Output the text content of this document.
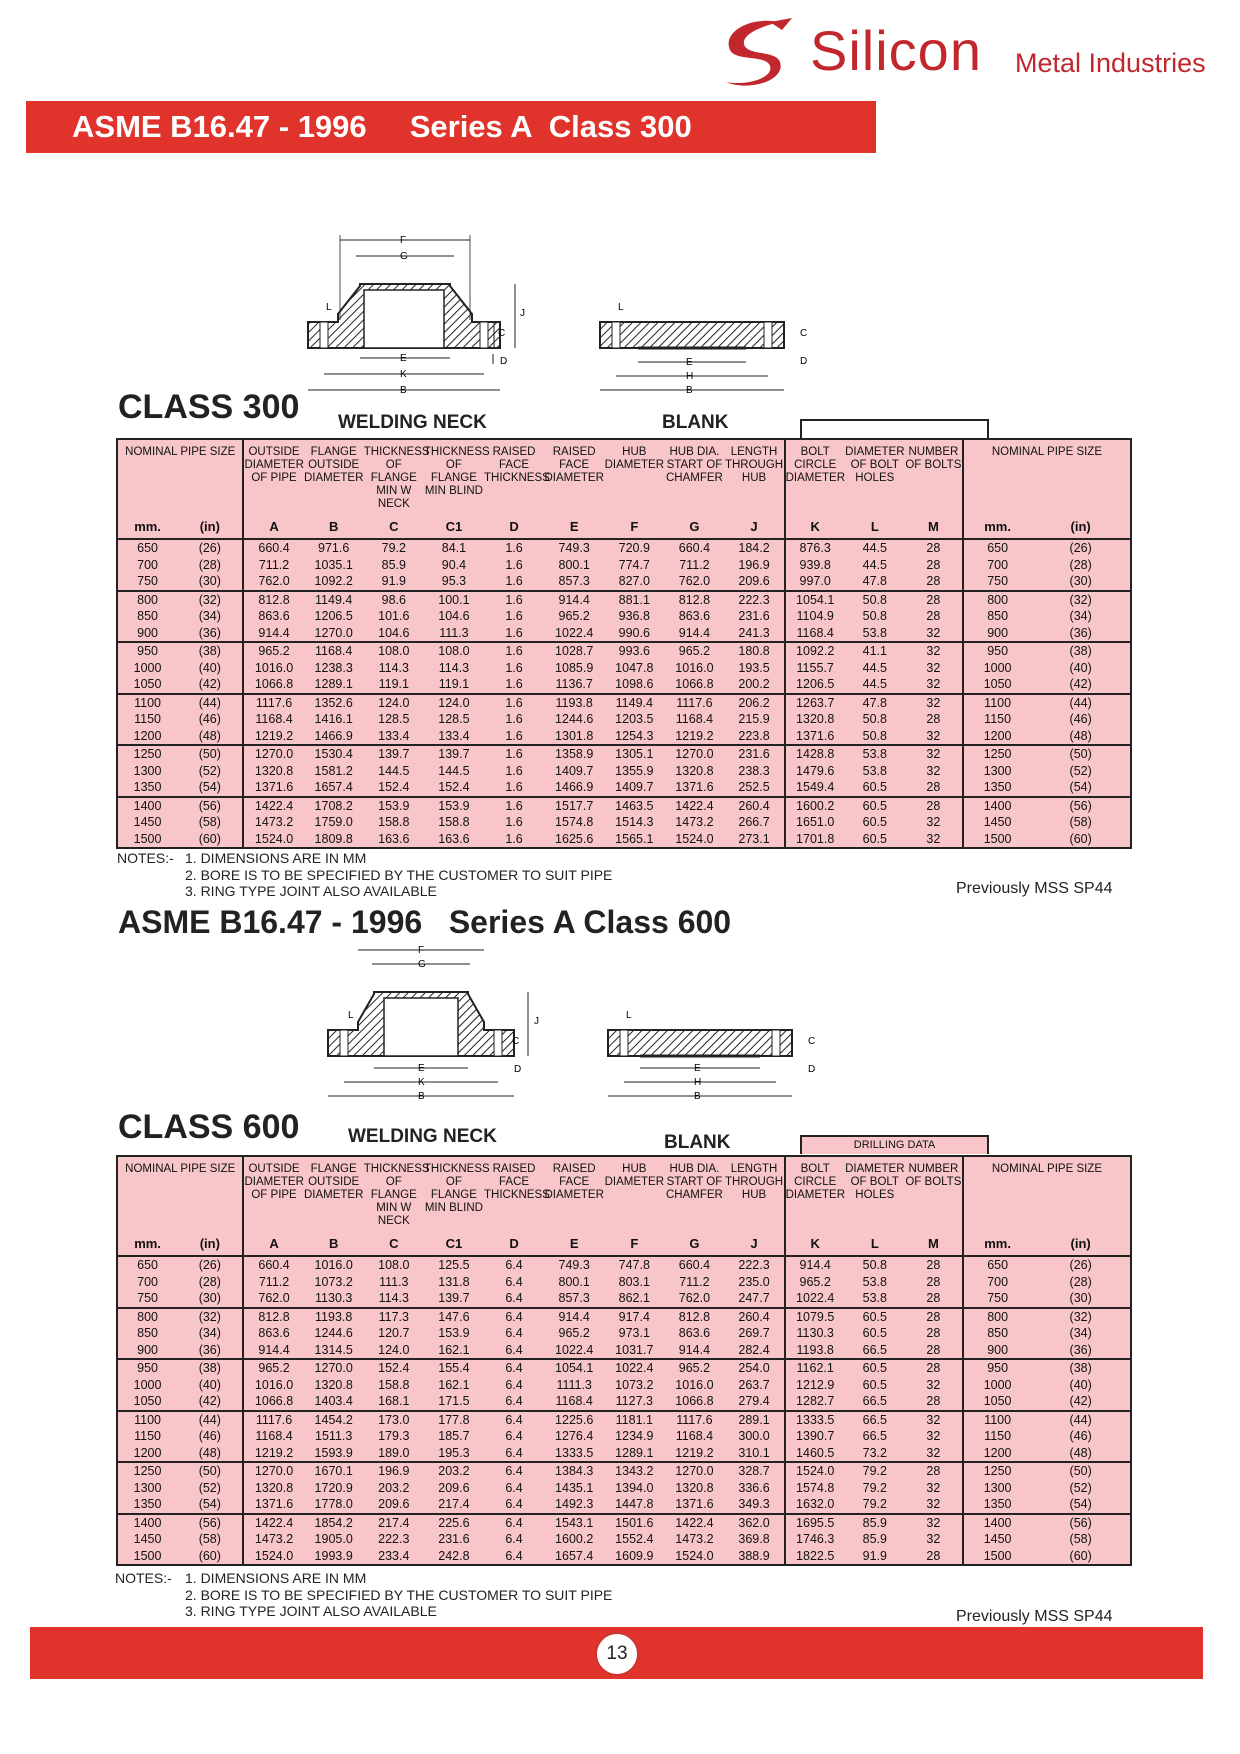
Silicon Metal Industries
ASME B16.47 - 1996     Series A  Class 300
F
G
J
C
D
E
K
B
L
E
H
B
C
D
L
CLASS 300 WELDING NECK	BLANK
NOMINAL PIPE SIZE		OUTSIDE DIAMETER OF PIPE	FLANGE OUTSIDE DIAMETER	THICKNESS OF FLANGE MIN W NECK	THICKNESS OF FLANGE MIN BLIND	RAISED FACE THICKNESS	RAISED FACE DIAMETER	HUB DIAMETER	HUB DIA. START OF CHAMFER	LENGTH THROUGH HUB	BOLT CIRCLE DIAMETER	DIAMETER OF BOLT HOLES	NUMBER OF BOLTS	NOMINAL PIPE SIZE	
mm.	(in)	A	B	C	C1	D	E	F	G	J	K	L	M	mm.	(in)
650	(26)	660.4	971.6	79.2	84.1	1.6	749.3	720.9	660.4	184.2	876.3	44.5	28	650	(26)
700	(28)	711.2	1035.1	85.9	90.4	1.6	800.1	774.7	711.2	196.9	939.8	44.5	28	700	(28)
750	(30)	762.0	1092.2	91.9	95.3	1.6	857.3	827.0	762.0	209.6	997.0	47.8	28	750	(30)
800	(32)	812.8	1149.4	98.6	100.1	1.6	914.4	881.1	812.8	222.3	1054.1	50.8	28	800	(32)
850	(34)	863.6	1206.5	101.6	104.6	1.6	965.2	936.8	863.6	231.6	1104.9	50.8	28	850	(34)
900	(36)	914.4	1270.0	104.6	111.3	1.6	1022.4	990.6	914.4	241.3	1168.4	53.8	32	900	(36)
950	(38)	965.2	1168.4	108.0	108.0	1.6	1028.7	993.6	965.2	180.8	1092.2	41.1	32	950	(38)
1000	(40)	1016.0	1238.3	114.3	114.3	1.6	1085.9	1047.8	1016.0	193.5	1155.7	44.5	32	1000	(40)
1050	(42)	1066.8	1289.1	119.1	119.1	1.6	1136.7	1098.6	1066.8	200.2	1206.5	44.5	32	1050	(42)
1100	(44)	1117.6	1352.6	124.0	124.0	1.6	1193.8	1149.4	1117.6	206.2	1263.7	47.8	32	1100	(44)
1150	(46)	1168.4	1416.1	128.5	128.5	1.6	1244.6	1203.5	1168.4	215.9	1320.8	50.8	28	1150	(46)
1200	(48)	1219.2	1466.9	133.4	133.4	1.6	1301.8	1254.3	1219.2	223.8	1371.6	50.8	32	1200	(48)
1250	(50)	1270.0	1530.4	139.7	139.7	1.6	1358.9	1305.1	1270.0	231.6	1428.8	53.8	32	1250	(50)
1300	(52)	1320.8	1581.2	144.5	144.5	1.6	1409.7	1355.9	1320.8	238.3	1479.6	53.8	32	1300	(52)
1350	(54)	1371.6	1657.4	152.4	152.4	1.6	1466.9	1409.7	1371.6	252.5	1549.4	60.5	28	1350	(54)
1400	(56)	1422.4	1708.2	153.9	153.9	1.6	1517.7	1463.5	1422.4	260.4	1600.2	60.5	28	1400	(56)
1450	(58)	1473.2	1759.0	158.8	158.8	1.6	1574.8	1514.3	1473.2	266.7	1651.0	60.5	32	1450	(58)
1500	(60)	1524.0	1809.8	163.6	163.6	1.6	1625.6	1565.1	1524.0	273.1	1701.8	60.5	32	1500	(60)
NOTES:- 1. DIMENSIONS ARE IN MM
2. BORE IS TO BE SPECIFIED BY THE CUSTOMER TO SUIT PIPE
3. RING TYPE JOINT ALSO AVAILABLE	Previously MSS SP44
ASME B16.47 - 1996   Series A Class 600
F
G
J
C
D
E
K
B
L
E
H
B
C
D
L
CLASS 600	WELDING NECK	BLANK	DRILLING DATA
NOMINAL PIPE SIZE		OUTSIDE DIAMETER OF PIPE	FLANGE OUTSIDE DIAMETER	THICKNESS OF FLANGE MIN W NECK	THICKNESS OF FLANGE MIN BLIND	RAISED FACE THICKNESS	RAISED FACE DIAMETER	HUB DIAMETER	HUB DIA. START OF CHAMFER	LENGTH THROUGH HUB	BOLT CIRCLE DIAMETER	DIAMETER OF BOLT HOLES	NUMBER OF BOLTS	NOMINAL PIPE SIZE	
mm.	(in)	A	B	C	C1	D	E	F	G	J	K	L	M	mm.	(in)
650	(26)	660.4	1016.0	108.0	125.5	6.4	749.3	747.8	660.4	222.3	914.4	50.8	28	650	(26)
700	(28)	711.2	1073.2	111.3	131.8	6.4	800.1	803.1	711.2	235.0	965.2	53.8	28	700	(28)
750	(30)	762.0	1130.3	114.3	139.7	6.4	857.3	862.1	762.0	247.7	1022.4	53.8	28	750	(30)
800	(32)	812.8	1193.8	117.3	147.6	6.4	914.4	917.4	812.8	260.4	1079.5	60.5	28	800	(32)
850	(34)	863.6	1244.6	120.7	153.9	6.4	965.2	973.1	863.6	269.7	1130.3	60.5	28	850	(34)
900	(36)	914.4	1314.5	124.0	162.1	6.4	1022.4	1031.7	914.4	282.4	1193.8	66.5	28	900	(36)
950	(38)	965.2	1270.0	152.4	155.4	6.4	1054.1	1022.4	965.2	254.0	1162.1	60.5	28	950	(38)
1000	(40)	1016.0	1320.8	158.8	162.1	6.4	1111.3	1073.2	1016.0	263.7	1212.9	60.5	32	1000	(40)
1050	(42)	1066.8	1403.4	168.1	171.5	6.4	1168.4	1127.3	1066.8	279.4	1282.7	66.5	28	1050	(42)
1100	(44)	1117.6	1454.2	173.0	177.8	6.4	1225.6	1181.1	1117.6	289.1	1333.5	66.5	32	1100	(44)
1150	(46)	1168.4	1511.3	179.3	185.7	6.4	1276.4	1234.9	1168.4	300.0	1390.7	66.5	32	1150	(46)
1200	(48)	1219.2	1593.9	189.0	195.3	6.4	1333.5	1289.1	1219.2	310.1	1460.5	73.2	32	1200	(48)
1250	(50)	1270.0	1670.1	196.9	203.2	6.4	1384.3	1343.2	1270.0	328.7	1524.0	79.2	28	1250	(50)
1300	(52)	1320.8	1720.9	203.2	209.6	6.4	1435.1	1394.0	1320.8	336.6	1574.8	79.2	32	1300	(52)
1350	(54)	1371.6	1778.0	209.6	217.4	6.4	1492.3	1447.8	1371.6	349.3	1632.0	79.2	32	1350	(54)
1400	(56)	1422.4	1854.2	217.4	225.6	6.4	1543.1	1501.6	1422.4	362.0	1695.5	85.9	32	1400	(56)
1450	(58)	1473.2	1905.0	222.3	231.6	6.4	1600.2	1552.4	1473.2	369.8	1746.3	85.9	32	1450	(58)
1500	(60)	1524.0	1993.9	233.4	242.8	6.4	1657.4	1609.9	1524.0	388.9	1822.5	91.9	28	1500	(60)
NOTES:- 1. DIMENSIONS ARE IN MM
2. BORE IS TO BE SPECIFIED BY THE CUSTOMER TO SUIT PIPE
3. RING TYPE JOINT ALSO AVAILABLE	Previously MSS SP44
13
